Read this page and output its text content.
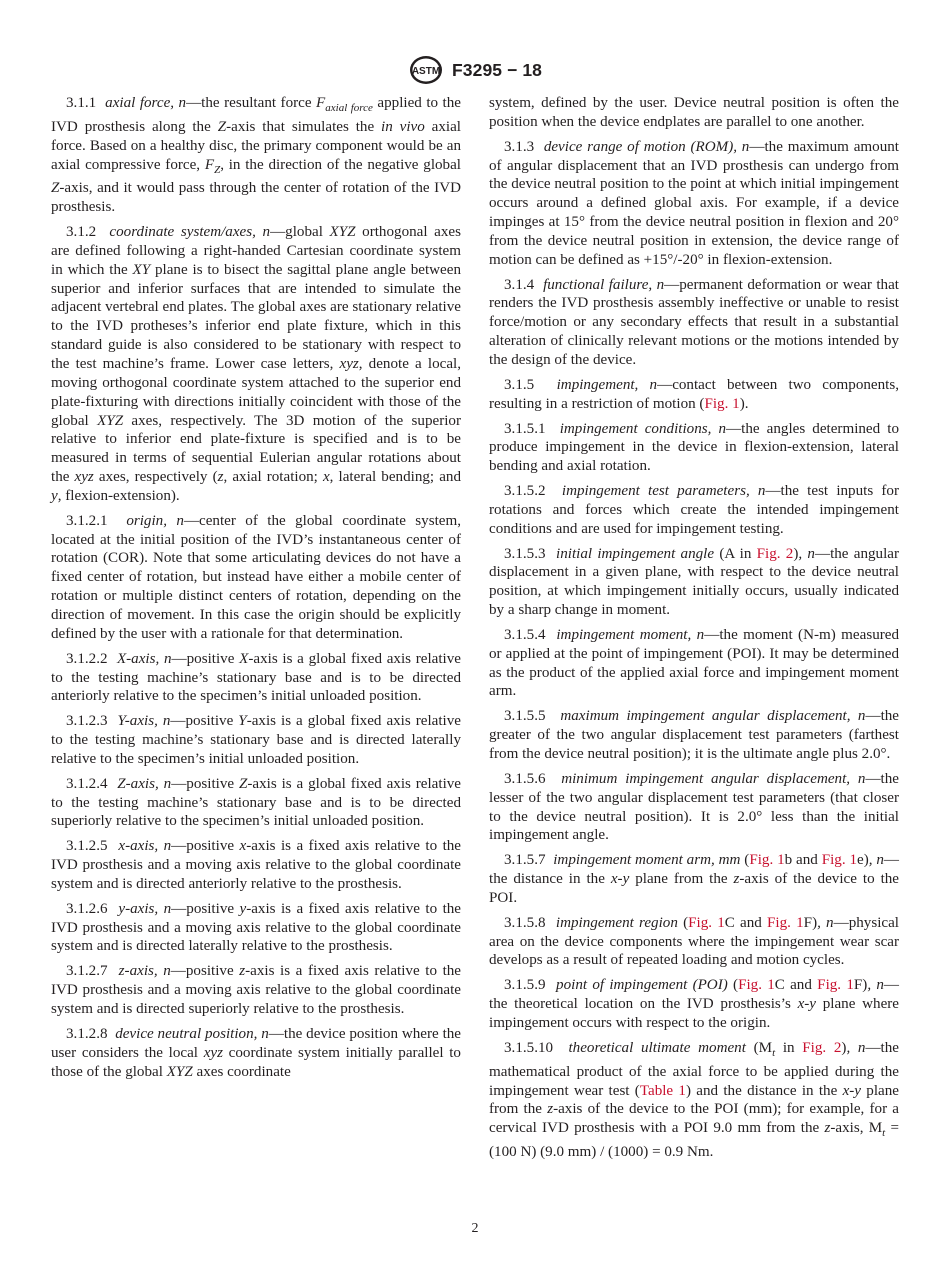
ASTM F3295 − 18

3.1.1 axial force, n—the resultant force $F_{axial force}$ applied to the IVD prosthesis along the Z-axis that simulates the in vivo axial force. Based on a healthy disc, the primary component would be an axial compressive force, $F_Z$, in the direction of the negative global Z-axis, and it would pass through the center of rotation of the IVD prosthesis.

3.1.2 coordinate system/axes, n—global XYZ orthogonal axes are defined following a right-handed Cartesian coordinate system in which the XY plane is to bisect the sagittal plane angle between superior and inferior surfaces that are intended to simulate the adjacent vertebral end plates. The global axes are stationary relative to the IVD protheses’s inferior end plate fixture, which in this standard guide is also considered to be stationary with respect to the test machine’s frame. Lower case letters, xyz, denote a local, moving orthogonal coordinate system attached to the superior end plate-fixturing with directions initially coincident with those of the global XYZ axes, respectively. The 3D motion of the superior relative to inferior end plate-fixture is specified and is to be measured in terms of sequential Eulerian angular rotations about the xyz axes, respectively (z, axial rotation; x, lateral bending; and y, flexion-extension).

3.1.2.1 origin, n—center of the global coordinate system, located at the initial position of the IVD’s instantaneous center of rotation (COR). Note that some articulating devices do not have a fixed center of rotation, but instead have either a mobile center of rotation or multiple distinct centers of rotation, depending on the direction of movement. In this case the origin should be explicitly defined by the user with a rationale for that determination.

3.1.2.2 X-axis, n—positive X-axis is a global fixed axis relative to the testing machine’s stationary base and is to be directed anteriorly relative to the specimen’s initial unloaded position.

3.1.2.3 Y-axis, n—positive Y-axis is a global fixed axis relative to the testing machine’s stationary base and is directed laterally relative to the specimen’s initial unloaded position.

3.1.2.4 Z-axis, n—positive Z-axis is a global fixed axis relative to the testing machine’s stationary base and is to be directed superiorly relative to the specimen’s initial unloaded position.

3.1.2.5 x-axis, n—positive x-axis is a fixed axis relative to the IVD prosthesis and a moving axis relative to the global coordinate system and is directed anteriorly relative to the prosthesis.

3.1.2.6 y-axis, n—positive y-axis is a fixed axis relative to the IVD prosthesis and a moving axis relative to the global coordinate system and is directed laterally relative to the prosthesis.

3.1.2.7 z-axis, n—positive z-axis is a fixed axis relative to the IVD prosthesis and a moving axis relative to the global coordinate system and is directed superiorly relative to the prosthesis.

3.1.2.8 device neutral position, n—the device position where the user considers the local xyz coordinate system initially parallel to those of the global XYZ axes coordinate

system, defined by the user. Device neutral position is often the position when the device endplates are parallel to one another.

3.1.3 device range of motion (ROM), n—the maximum amount of angular displacement that an IVD prosthesis can undergo from the device neutral position to the point at which initial impingement occurs around a defined global axis. For example, if a device impinges at 15° from the device neutral position in flexion and 20° from the device neutral position in extension, the device range of motion can be defined as +15°/-20° in flexion-extension.

3.1.4 functional failure, n—permanent deformation or wear that renders the IVD prosthesis assembly ineffective or unable to resist force/motion or any secondary effects that result in a substantial alteration of clinically relevant motions or the motions intended by the design of the device.

3.1.5 impingement, n—contact between two components, resulting in a restriction of motion (Fig. 1).

3.1.5.1 impingement conditions, n—the angles determined to produce impingement in the device in flexion-extension, lateral bending and axial rotation.

3.1.5.2 impingement test parameters, n—the test inputs for rotations and forces which create the intended impingement conditions and are used for impingement testing.

3.1.5.3 initial impingement angle (A in Fig. 2), n—the angular displacement in a given plane, with respect to the device neutral position, at which impingement initially occurs, usually indicated by a sharp change in moment.

3.1.5.4 impingement moment, n—the moment (N-m) measured or applied at the point of impingement (POI). It may be determined as the product of the applied axial force and impingement moment arm.

3.1.5.5 maximum impingement angular displacement, n—the greater of the two angular displacement test parameters (farthest from the device neutral position); it is the ultimate angle plus 2.0°.

3.1.5.6 minimum impingement angular displacement, n—the lesser of the two angular displacement test parameters (that closer to the device neutral position). It is 2.0° less than the initial impingement angle.

3.1.5.7 impingement moment arm, mm (Fig. 1b and Fig. 1e), n—the distance in the x-y plane from the z-axis of the device to the POI.

3.1.5.8 impingement region (Fig. 1C and Fig. 1F), n—physical area on the device components where the impingement wear scar develops as a result of repeated loading and motion cycles.

3.1.5.9 point of impingement (POI) (Fig. 1C and Fig. 1F), n—the theoretical location on the IVD prosthesis’s x-y plane where impingement occurs with respect to the origin.

3.1.5.10 theoretical ultimate moment ($M_t$ in Fig. 2), n—the mathematical product of the axial force to be applied during the impingement wear test (Table 1) and the distance in the x-y plane from the z-axis of the device to the POI (mm); for example, for a cervical IVD prosthesis with a POI 9.0 mm from the z-axis, $M_t = (100$ N) (9.0 mm) / (1000) = 0.9 Nm.

2
